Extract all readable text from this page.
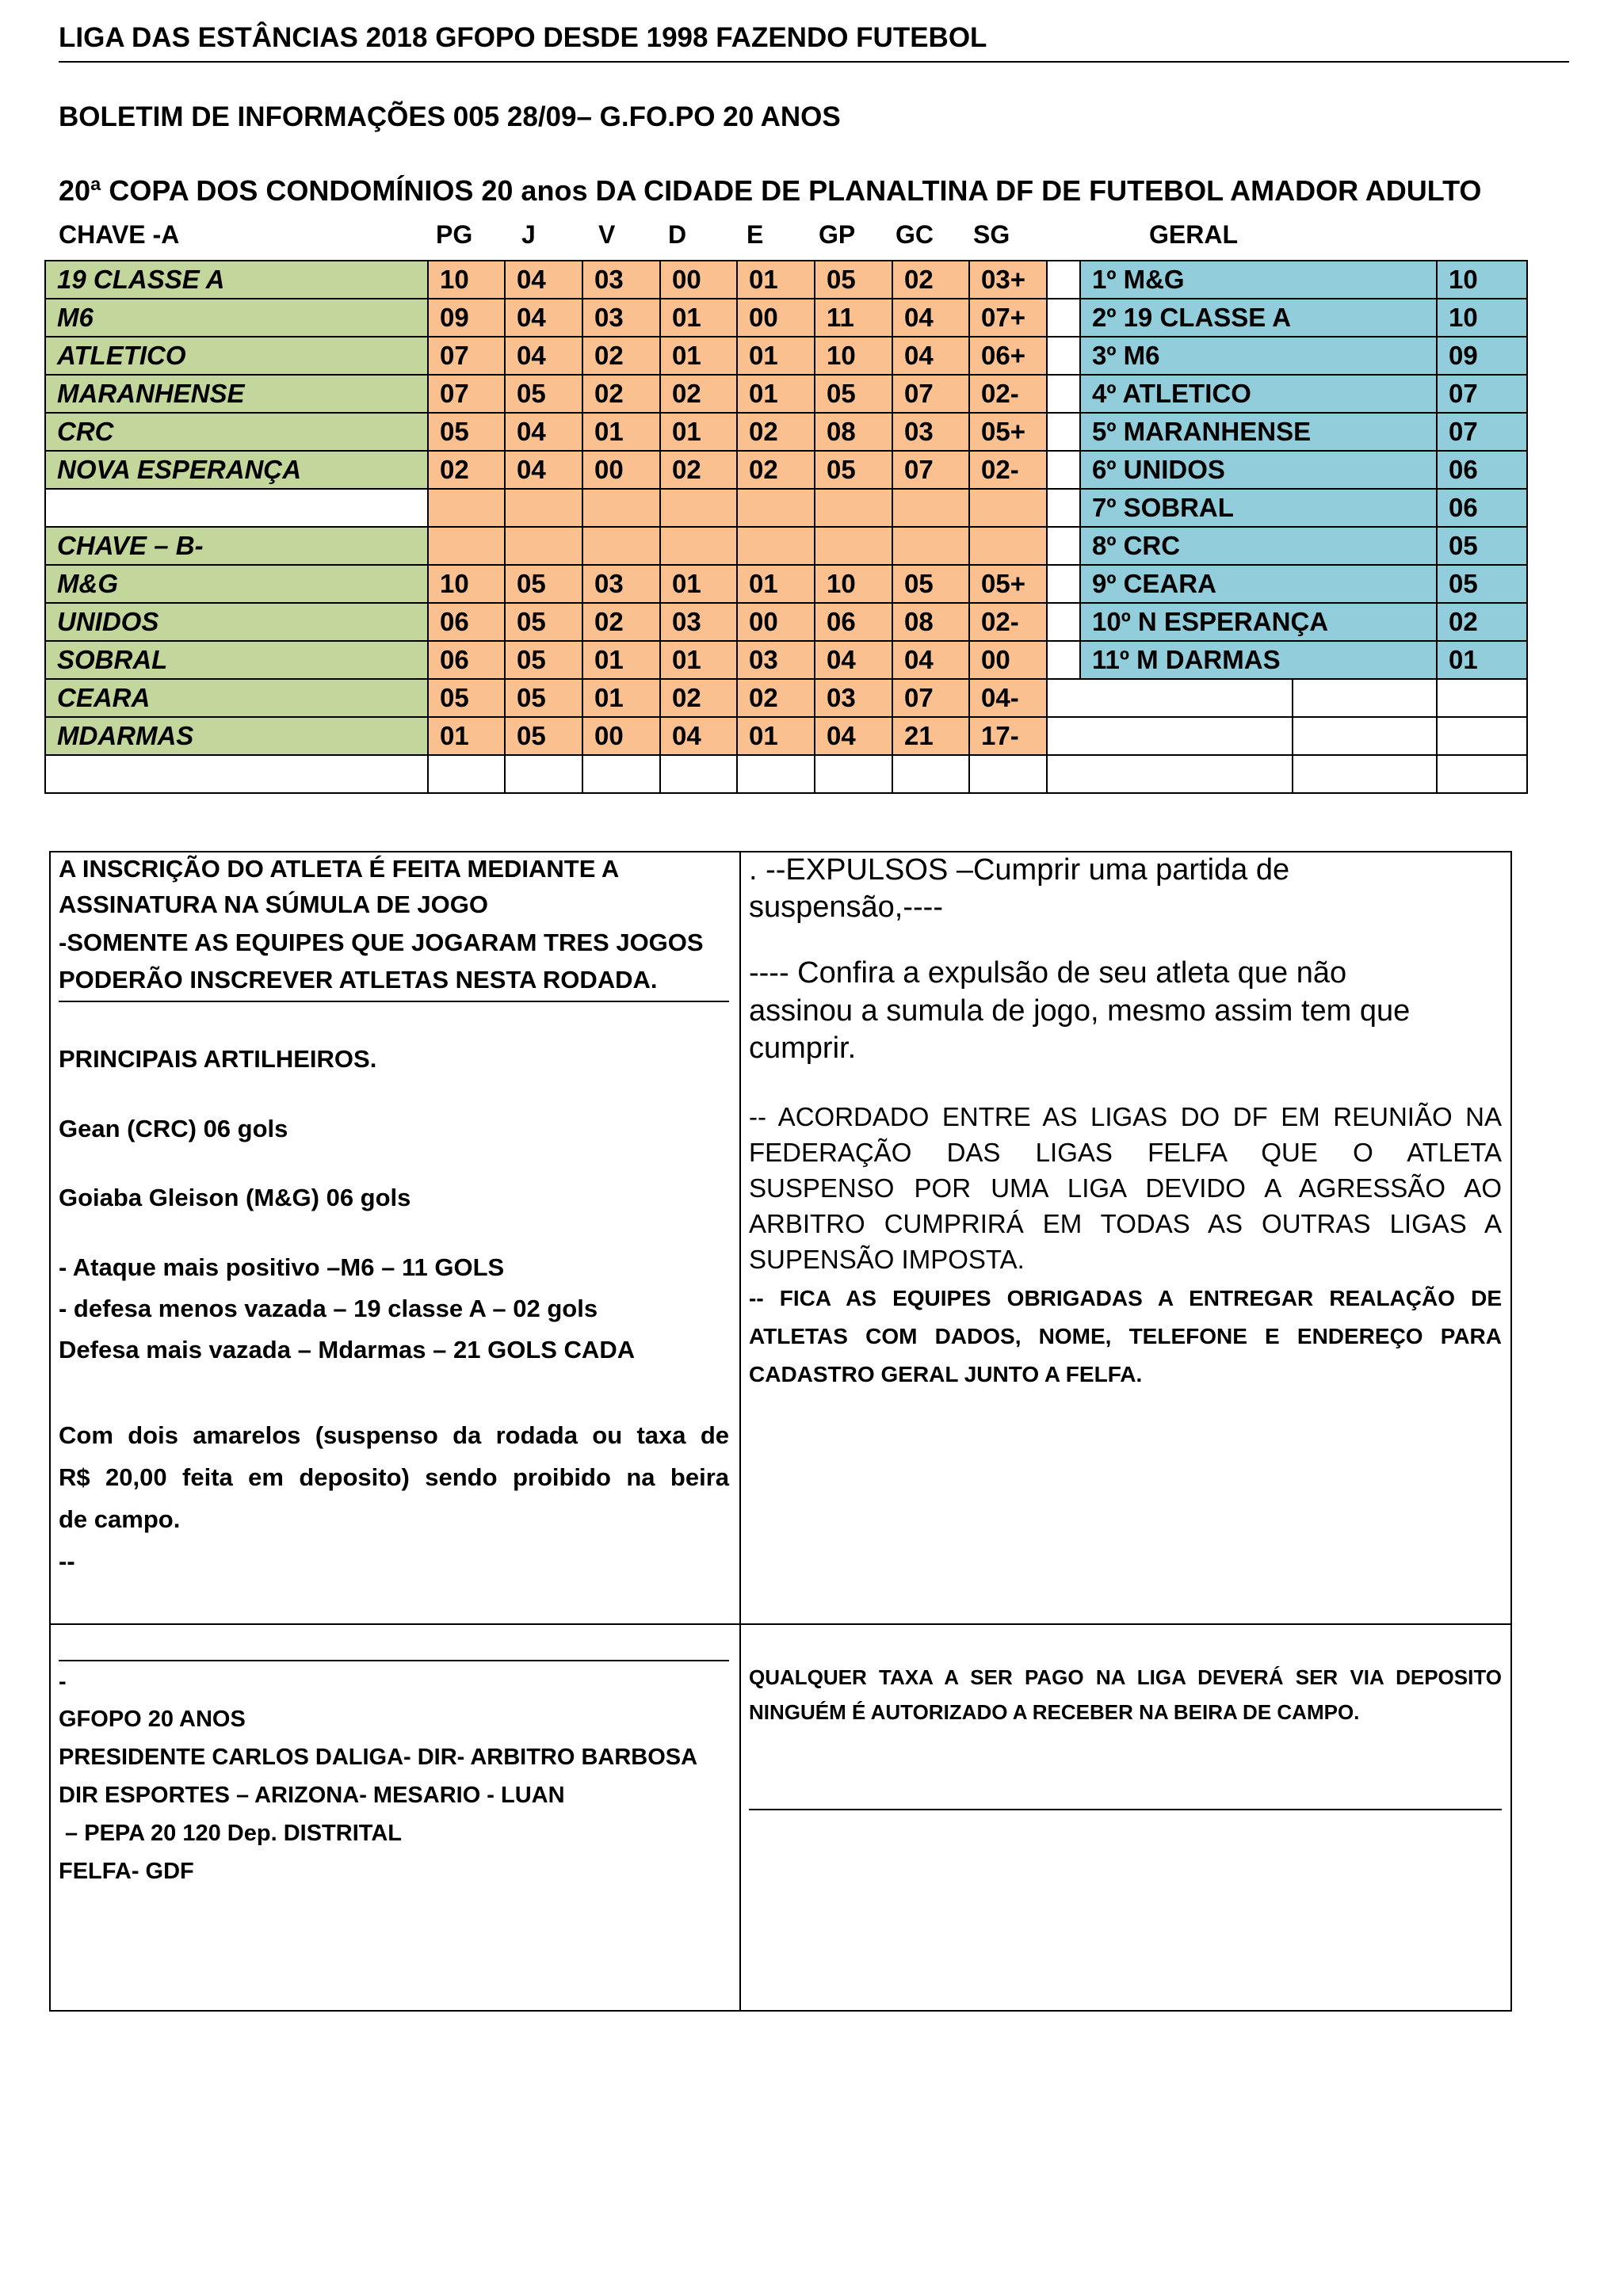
LIGA DAS ESTÂNCIAS 2018 GFOPO DESDE 1998 FAZENDO FUTEBOL
BOLETIM DE INFORMAÇÕES 005 28/09– G.FO.PO 20 ANOS
20ª COPA DOS CONDOMÍNIOS 20 anos DA CIDADE DE PLANALTINA DF DE FUTEBOL AMADOR ADULTO
CHAVE -A	PG J V D E GP GC SG	GERAL
19 CLASSE A	10	04	03	00	01	05	02	03+		1º M&G		10
M6	09	04	03	01	00	11	04	07+		2º 19 CLASSE A		10
ATLETICO	07	04	02	01	01	10	04	06+		3º M6		09
MARANHENSE	07	05	02	02	01	05	07	02-		4º ATLETICO		07
CRC	05	04	01	01	02	08	03	05+		5º MARANHENSE		07
NOVA ESPERANÇA	02	04	00	02	02	05	07	02-		6º UNIDOS		06
										7º SOBRAL		06
CHAVE – B-										8º CRC		05
M&G	10	05	03	01	01	10	05	05+		9º CEARA		05
UNIDOS	06	05	02	03	00	06	08	02-		10º N ESPERANÇA		02
SOBRAL	06	05	01	01	03	04	04	00		11º M DARMAS		01
CEARA	05	05	01	02	02	03	07	04-				
MDARMAS	01	05	00	04	01	04	21	17-				

A INSCRIÇÃO DO ATLETA É FEITA MEDIANTE A
ASSINATURA NA SÚMULA DE JOGO
-SOMENTE AS EQUIPES QUE JOGARAM TRES JOGOS
PODERÃO INSCREVER ATLETAS NESTA RODADA.
PRINCIPAIS ARTILHEIROS.
Gean (CRC) 06 gols
Goiaba Gleison (M&G) 06 gols
- Ataque mais positivo –M6 – 11 GOLS
- defesa menos vazada – 19 classe A – 02 gols
Defesa mais vazada – Mdarmas – 21 GOLS CADA
Com dois amarelos (suspenso da rodada ou taxa de
R$ 20,00 feita em deposito) sendo proibido na beira
de campo.
--
. --EXPULSOS –Cumprir uma partida de
suspensão,----
---- Confira a expulsão de seu atleta que não
assinou a sumula de jogo, mesmo assim tem que
cumprir.
-- ACORDADO ENTRE AS LIGAS DO DF EM REUNIÃO NA
FEDERAÇÃO DAS LIGAS FELFA QUE O ATLETA
SUSPENSO POR UMA LIGA DEVIDO A AGRESSÃO AO
ARBITRO CUMPRIRÁ EM TODAS AS OUTRAS LIGAS A
SUPENSÃO IMPOSTA.
-- FICA AS EQUIPES OBRIGADAS A ENTREGAR REALAÇÃO DE
ATLETAS COM DADOS, NOME, TELEFONE E ENDEREÇO PARA
CADASTRO GERAL JUNTO A FELFA.
-
GFOPO 20 ANOS
PRESIDENTE CARLOS DALIGA- DIR- ARBITRO BARBOSA
DIR ESPORTES – ARIZONA- MESARIO - LUAN
– PEPA 20 120 Dep. DISTRITAL
FELFA- GDF
QUALQUER TAXA A SER PAGO NA LIGA DEVERÁ SER VIA DEPOSITO
NINGUÉM É AUTORIZADO A RECEBER NA BEIRA DE CAMPO.
